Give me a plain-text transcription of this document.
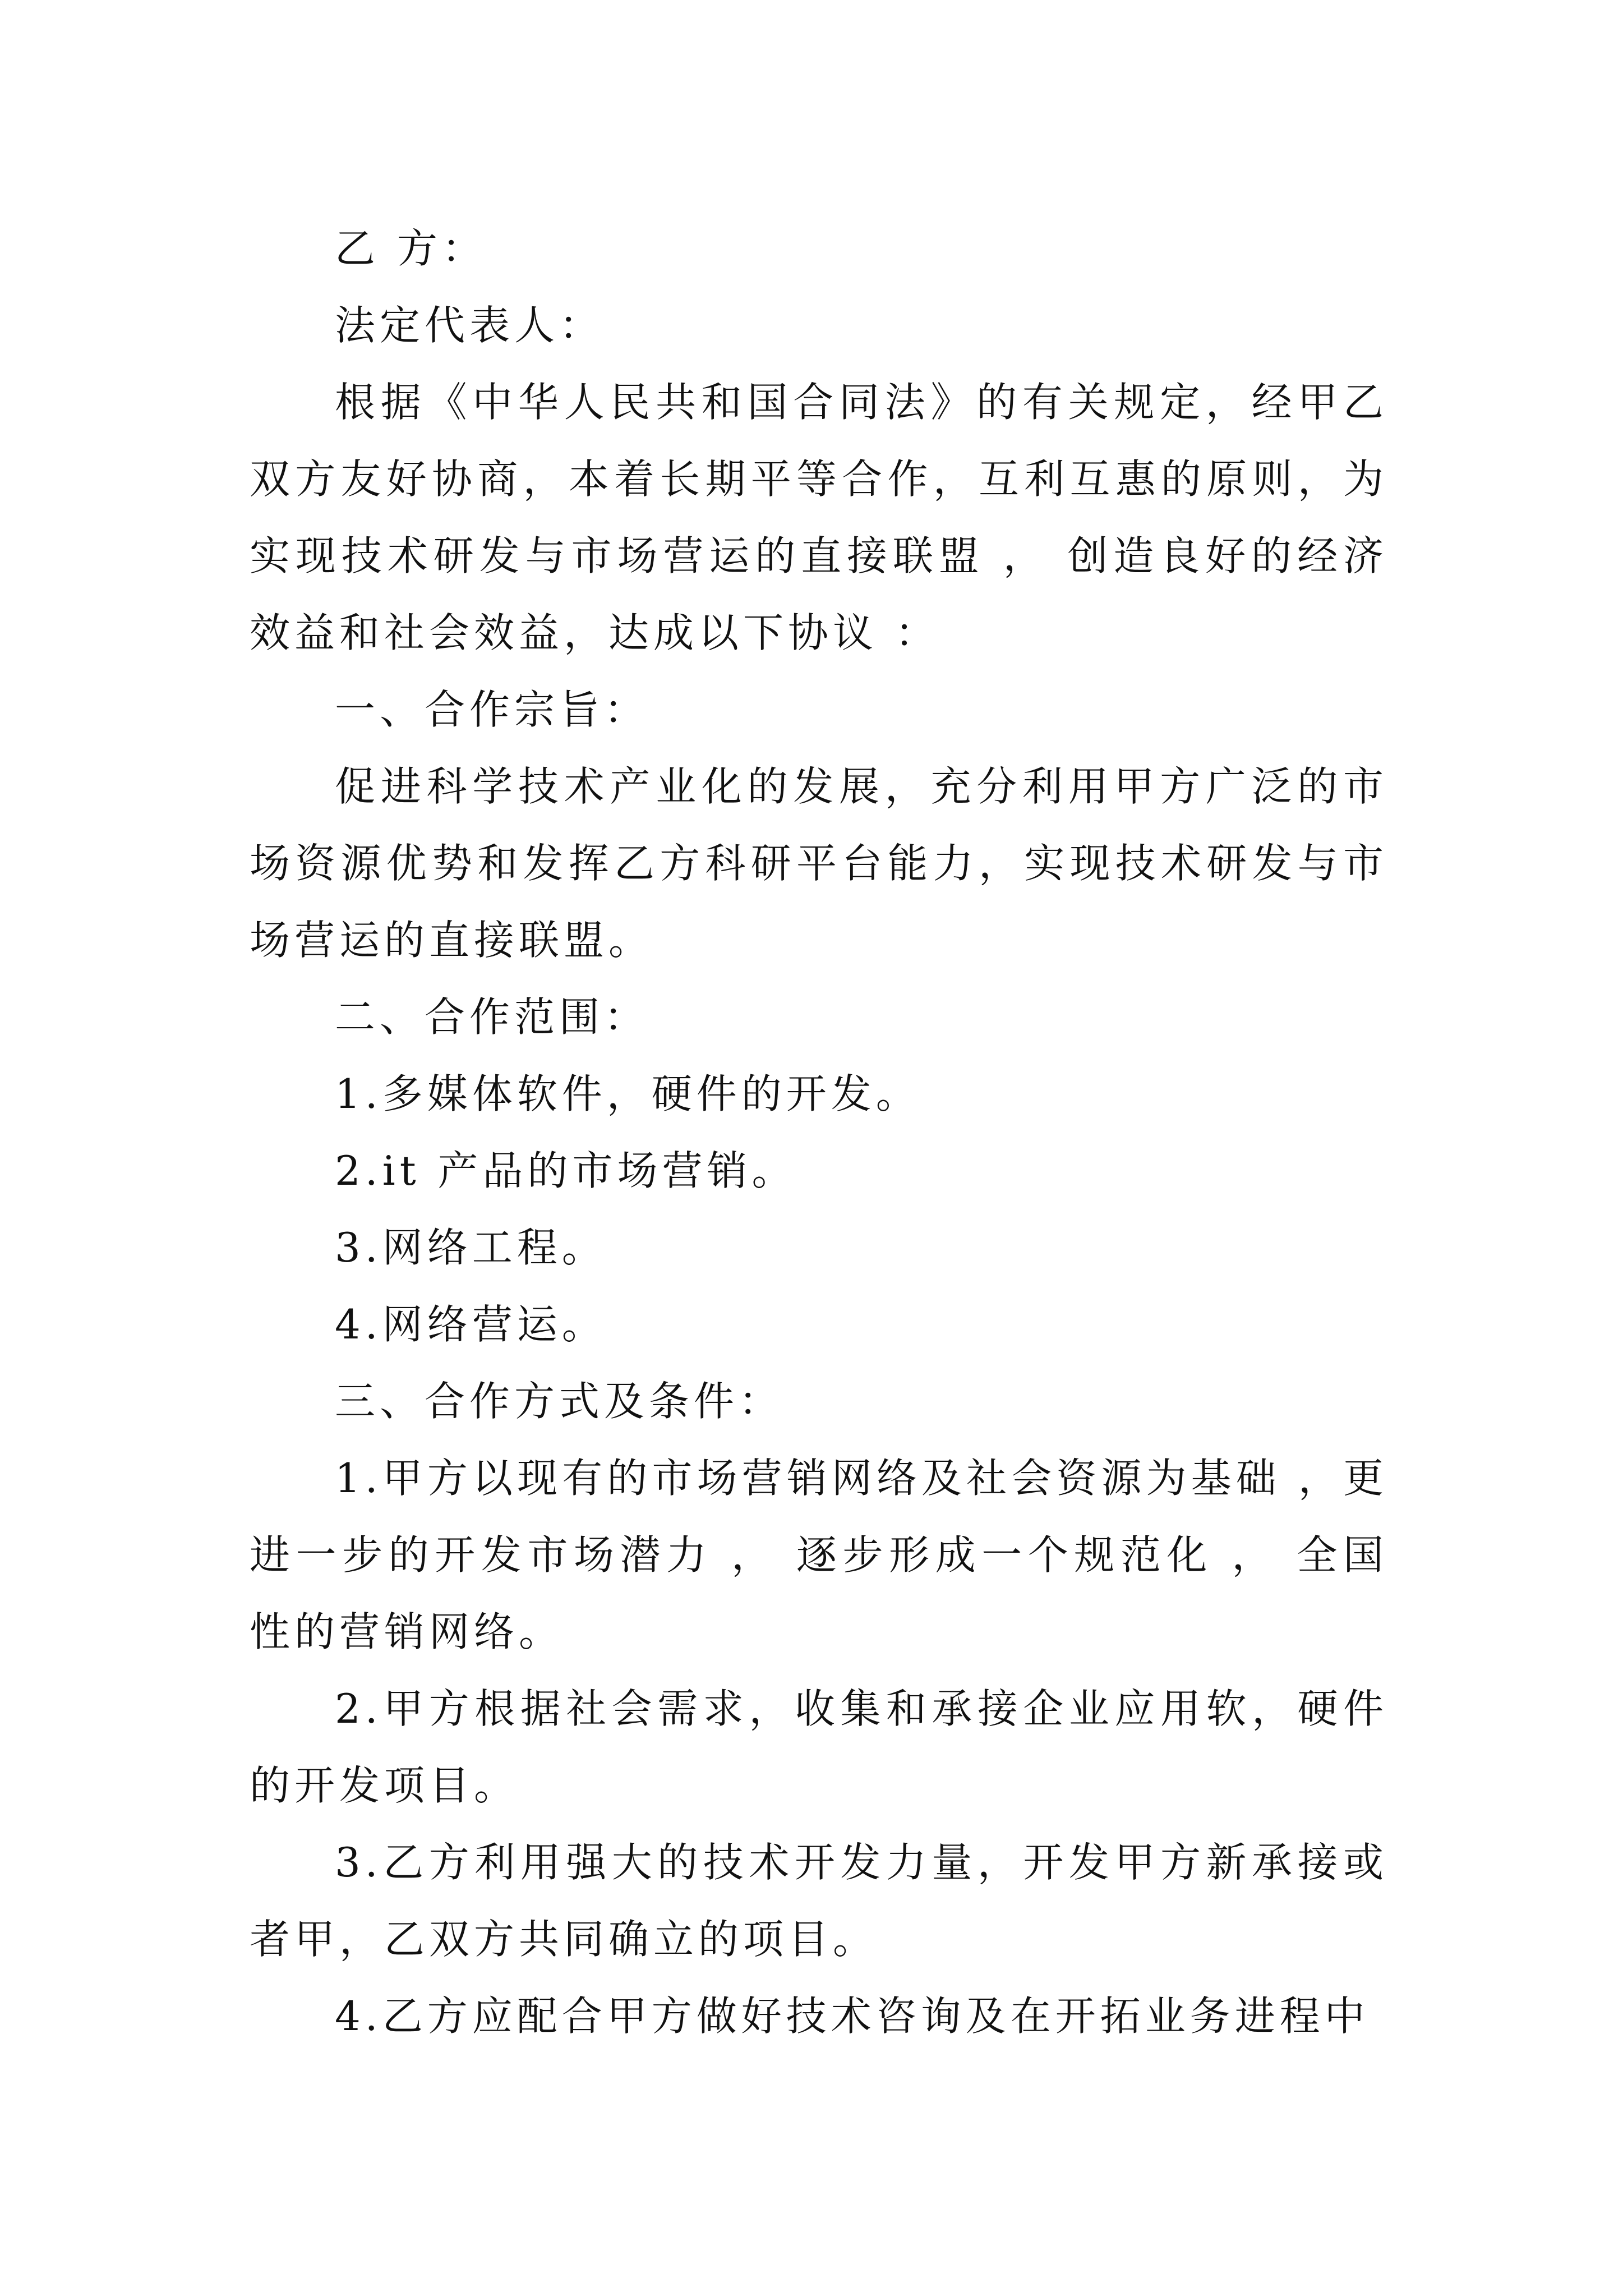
乙 方：

法定代表人：

根据《中华人民共和国合同法》的有关规定，经甲乙双方友好协商，本着长期平等合作，互利互惠的原则，为实现技术研发与市场营运的直接联盟 ， 创造良好的经济效益和社会效益，达成以下协议 ：

一、合作宗旨：

促进科学技术产业化的发展，充分利用甲方广泛的市场资源优势和发挥乙方科研平台能力，实现技术研发与市场营运的直接联盟。

二、合作范围：

1.多媒体软件，硬件的开发。

2.it 产品的市场营销。

3.网络工程。

4.网络营运。

三、合作方式及条件：

1.甲方以现有的市场营销网络及社会资源为基础 ，更进一步的开发市场潜力 ， 逐步形成一个规范化 ， 全国性的营销网络。

2.甲方根据社会需求，收集和承接企业应用软，硬件的开发项目。

3.乙方利用强大的技术开发力量，开发甲方新承接或者甲，乙双方共同确立的项目。

4.乙方应配合甲方做好技术咨询及在开拓业务进程中
